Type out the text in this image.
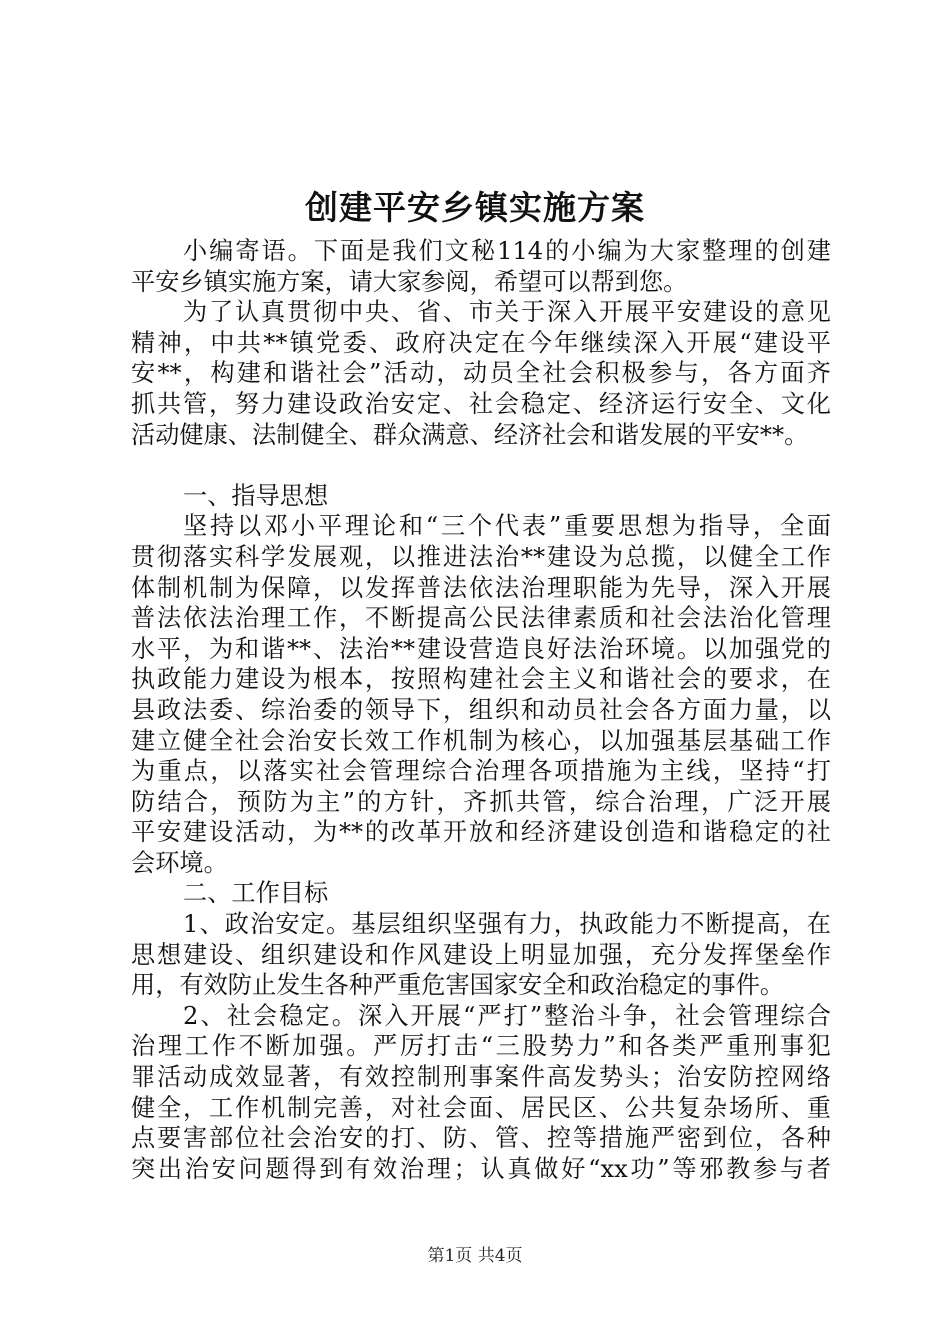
创建平安乡镇实施方案
小编寄语。下面是我们文秘114的小编为大家整理的创建
平安乡镇实施方案，请大家参阅，希望可以帮到您。
为了认真贯彻中央、省、市关于深入开展平安建设的意见
精神，中共**镇党委、政府决定在今年继续深入开展“建设平
安**，构建和谐社会”活动，动员全社会积极参与，各方面齐
抓共管，努力建设政治安定、社会稳定、经济运行安全、文化
活动健康、法制健全、群众满意、经济社会和谐发展的平安**。
一、指导思想
坚持以邓小平理论和“三个代表”重要思想为指导，全面
贯彻落实科学发展观，以推进法治**建设为总揽，以健全工作
体制机制为保障，以发挥普法依法治理职能为先导，深入开展
普法依法治理工作，不断提高公民法律素质和社会法治化管理
水平，为和谐**、法治**建设营造良好法治环境。以加强党的
执政能力建设为根本，按照构建社会主义和谐社会的要求，在
县政法委、综治委的领导下，组织和动员社会各方面力量，以
建立健全社会治安长效工作机制为核心，以加强基层基础工作
为重点，以落实社会管理综合治理各项措施为主线，坚持“打
防结合，预防为主”的方针，齐抓共管，综合治理，广泛开展
平安建设活动，为**的改革开放和经济建设创造和谐稳定的社
会环境。
二、工作目标
1、政治安定。基层组织坚强有力，执政能力不断提高，在
思想建设、组织建设和作风建设上明显加强，充分发挥堡垒作
用，有效防止发生各种严重危害国家安全和政治稳定的事件。
2、社会稳定。深入开展“严打”整治斗争，社会管理综合
治理工作不断加强。严厉打击“三股势力”和各类严重刑事犯
罪活动成效显著，有效控制刑事案件高发势头；治安防控网络
健全，工作机制完善，对社会面、居民区、公共复杂场所、重
点要害部位社会治安的打、防、管、控等措施严密到位，各种
突出治安问题得到有效治理；认真做好“xx功”等邪教参与者
第1页 共4页
